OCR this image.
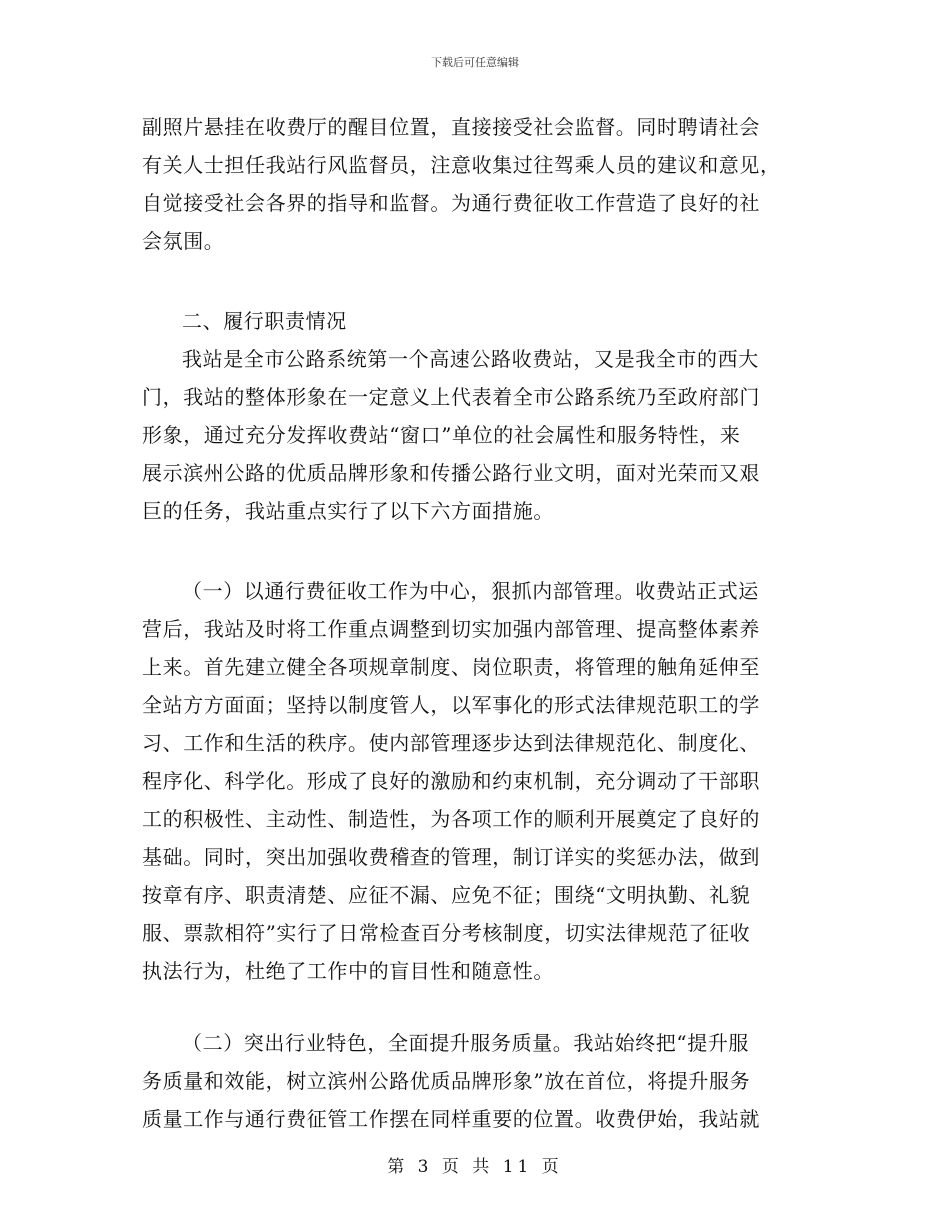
下载后可任意编辑
副照片悬挂在收费厅的醒目位置，直接接受社会监督。同时聘请社会
有关人士担任我站行风监督员，注意收集过往驾乘人员的建议和意见，
自觉接受社会各界的指导和监督。为通行费征收工作营造了良好的社
会氛围。
二、履行职责情况
我站是全市公路系统第一个高速公路收费站，又是我全市的西大
门，我站的整体形象在一定意义上代表着全市公路系统乃至政府部门
形象，通过充分发挥收费站“窗口”单位的社会属性和服务特性，来
展示滨州公路的优质品牌形象和传播公路行业文明，面对光荣而又艰
巨的任务，我站重点实行了以下六方面措施。
（一）以通行费征收工作为中心，狠抓内部管理。收费站正式运
营后，我站及时将工作重点调整到切实加强内部管理、提高整体素养
上来。首先建立健全各项规章制度、岗位职责，将管理的触角延伸至
全站方方面面；坚持以制度管人，以军事化的形式法律规范职工的学
习、工作和生活的秩序。使内部管理逐步达到法律规范化、制度化、
程序化、科学化。形成了良好的激励和约束机制，充分调动了干部职
工的积极性、主动性、制造性，为各项工作的顺利开展奠定了良好的
基础。同时，突出加强收费稽查的管理，制订详实的奖惩办法，做到
按章有序、职责清楚、应征不漏、应免不征；围绕“文明执勤、礼貌
服、票款相符”实行了日常检查百分考核制度，切实法律规范了征收
执法行为，杜绝了工作中的盲目性和随意性。
（二）突出行业特色，全面提升服务质量。我站始终把“提升服
务质量和效能，树立滨州公路优质品牌形象”放在首位，将提升服务
质量工作与通行费征管工作摆在同样重要的位置。收费伊始，我站就
第 3 页 共 11 页
